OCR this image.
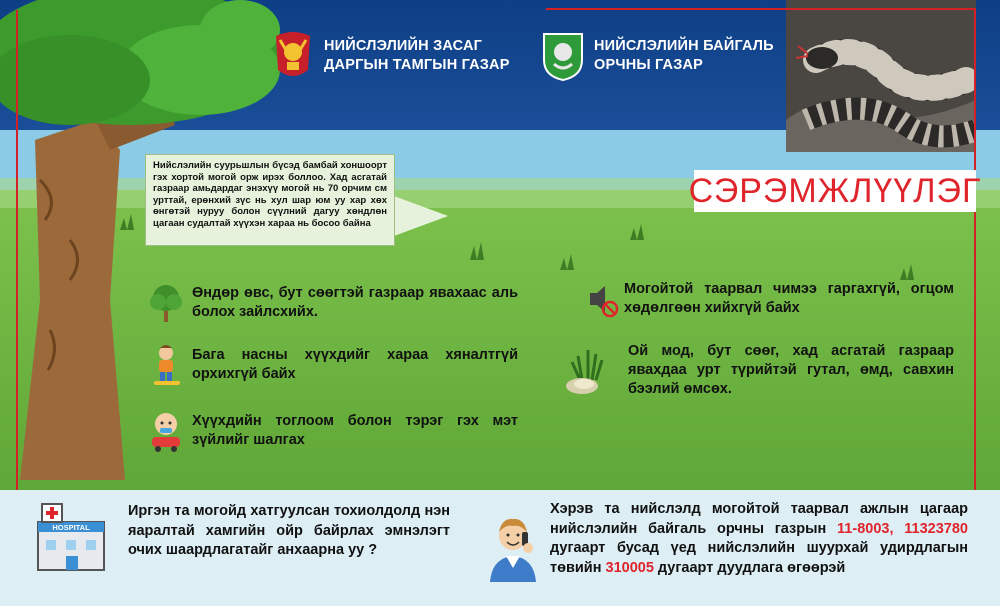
НИЙСЛЭЛИЙН ЗАСАГ
ДАРГЫН ТАМГЫН ГАЗАР
НИЙСЛЭЛИЙН БАЙГАЛЬ
ОРЧНЫ ГАЗАР
СЭРЭМЖЛҮҮЛЭГ
Нийслэлийн суурьшлын бүсэд бамбай хоншоорт гэх хортой могой орж ирэх боллоо. Хад асгатай газраар амьдардаг энэхүү могой нь 70 орчим см урттай, ерөнхий зүс нь хул шар юм уу хар хөх өнгөтэй нуруу болон сүүлний дагуу хөндлөн цагаан судалтай хүүхэн хараа нь босоо байна
Өндөр өвс, бут сөөгтэй газраар явахаас аль болох зайлсхийх.
Бага насны хүүхдийг хараа хяналтгүй орхихгүй байх
Хүүхдийн тоглоом болон тэрэг гэх мэт зүйлийг шалгах
Могойтой таарвал чимээ гаргахгүй, огцом хөдөлгөөн хийхгүй байх
Ой мод, бут сөөг, хад асгатай газраар явахдаа урт түрийтэй гутал, өмд, савхин бээлий өмсөх.
HOSPITAL
Иргэн та могойд хатгуулсан тохиолдолд нэн яаралтай хамгийн ойр байрлах эмнэлэгт очих шаардлагатайг анхаарна уу ?
Хэрэв та нийслэлд могойтой таарвал ажлын цагаар нийслэлийн байгаль орчны газрын 11-8003, 11323780 дугаарт бусад үед нийслэлийн шуурхай удирдлагын төвийн 310005 дугаарт дуудлага өгөөрэй
